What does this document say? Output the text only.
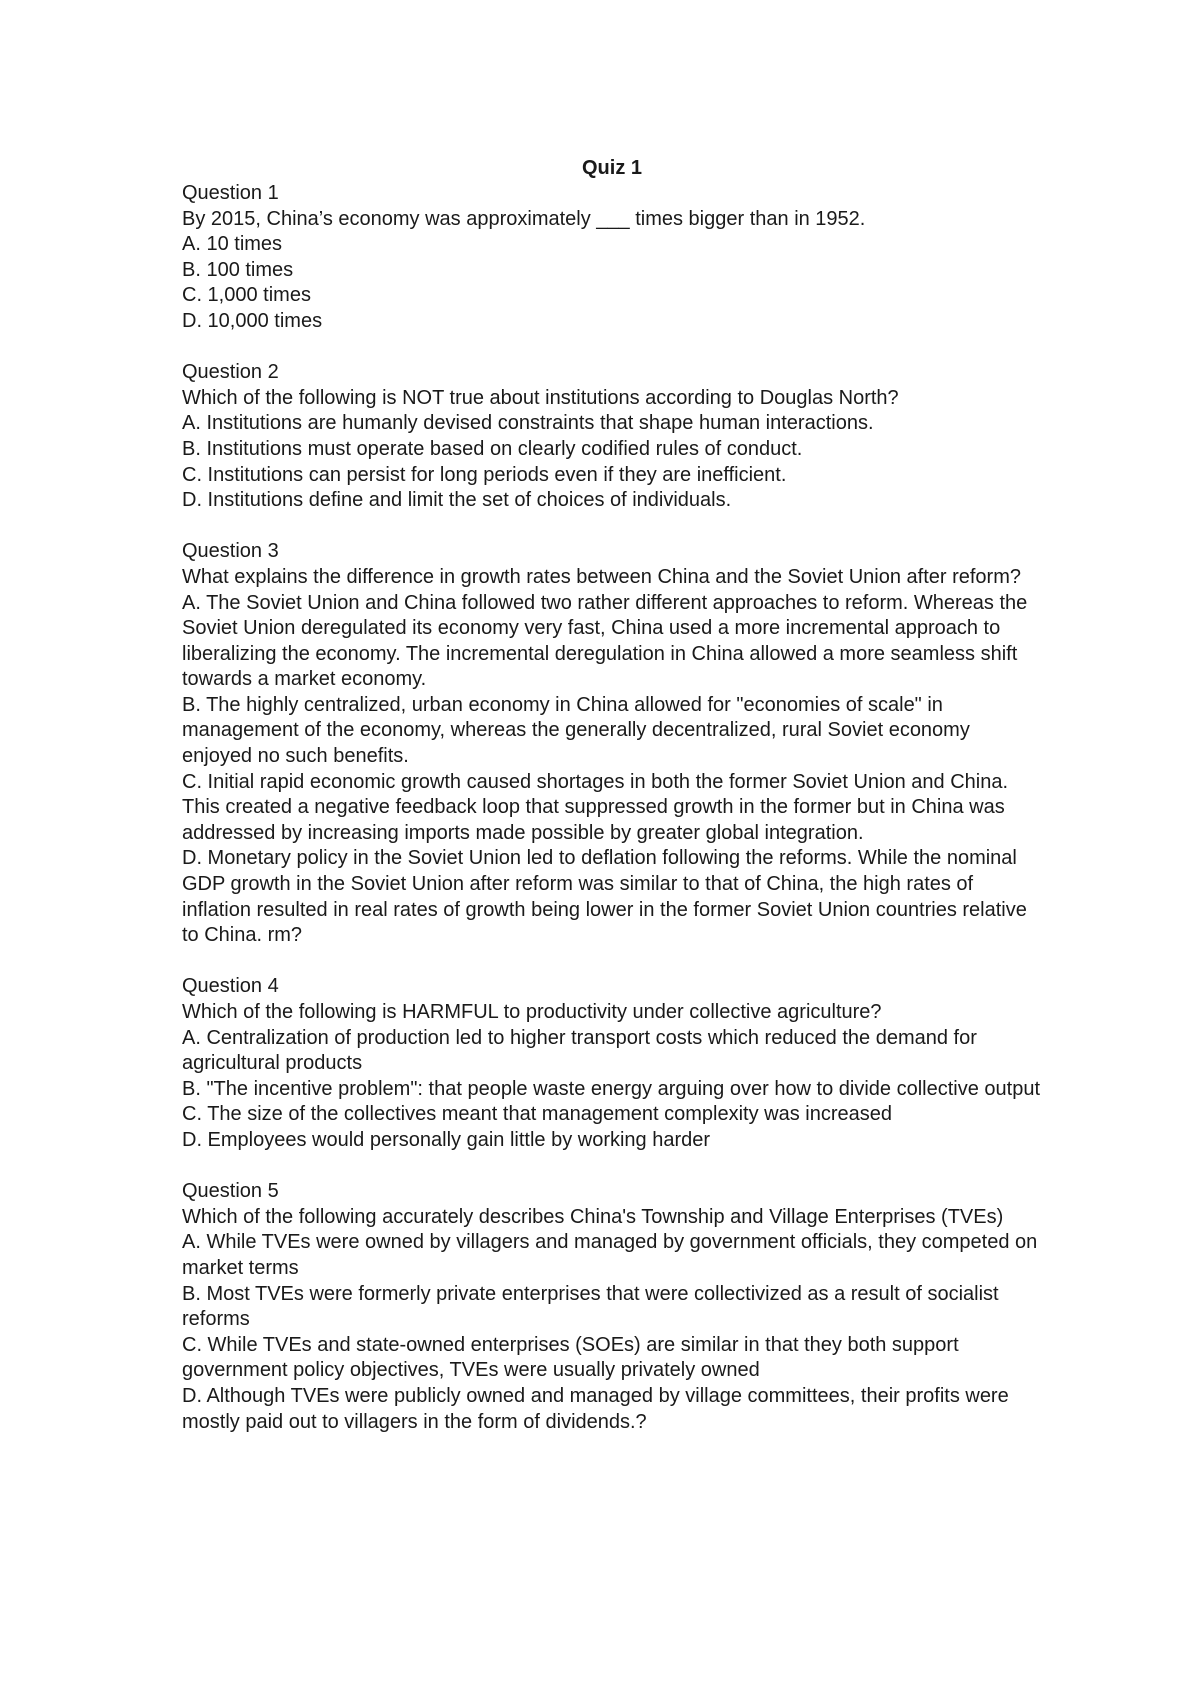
Quiz 1

Question 1

By 2015, China’s economy was approximately ___ times bigger than in 1952.

A. 10 times

B. 100 times

C. 1,000 times

D. 10,000 times

Question 2

Which of the following is NOT true about institutions according to Douglas North?

A. Institutions are humanly devised constraints that shape human interactions.

B. Institutions must operate based on clearly codified rules of conduct.

C. Institutions can persist for long periods even if they are inefficient.

D. Institutions define and limit the set of choices of individuals.

Question 3

What explains the difference in growth rates between China and the Soviet Union after reform?

A. The Soviet Union and China followed two rather different approaches to reform. Whereas the Soviet Union deregulated its economy very fast, China used a more incremental approach to liberalizing the economy. The incremental deregulation in China allowed a more seamless shift towards a market economy.

B. The highly centralized, urban economy in China allowed for "economies of scale" in management of the economy, whereas the generally decentralized, rural Soviet economy enjoyed no such benefits.

C. Initial rapid economic growth caused shortages in both the former Soviet Union and China. This created a negative feedback loop that suppressed growth in the former but in China was addressed by increasing imports made possible by greater global integration.

D. Monetary policy in the Soviet Union led to deflation following the reforms. While the nominal GDP growth in the Soviet Union after reform was similar to that of China, the high rates of inflation resulted in real rates of growth being lower in the former Soviet Union countries relative to China. rm?

Question 4

Which of the following is HARMFUL to productivity under collective agriculture?

A. Centralization of production led to higher transport costs which reduced the demand for agricultural products

B. "The incentive problem": that people waste energy arguing over how to divide collective output

C. The size of the collectives meant that management complexity was increased

D. Employees would personally gain little by working harder

Question 5

Which of the following accurately describes China's Township and Village Enterprises (TVEs)

A. While TVEs were owned by villagers and managed by government officials, they competed on market terms

B. Most TVEs were formerly private enterprises that were collectivized as a result of socialist reforms

C. While TVEs and state-owned enterprises (SOEs) are similar in that they both support government policy objectives, TVEs were usually privately owned

D. Although TVEs were publicly owned and managed by village committees, their profits were mostly paid out to villagers in the form of dividends.?
